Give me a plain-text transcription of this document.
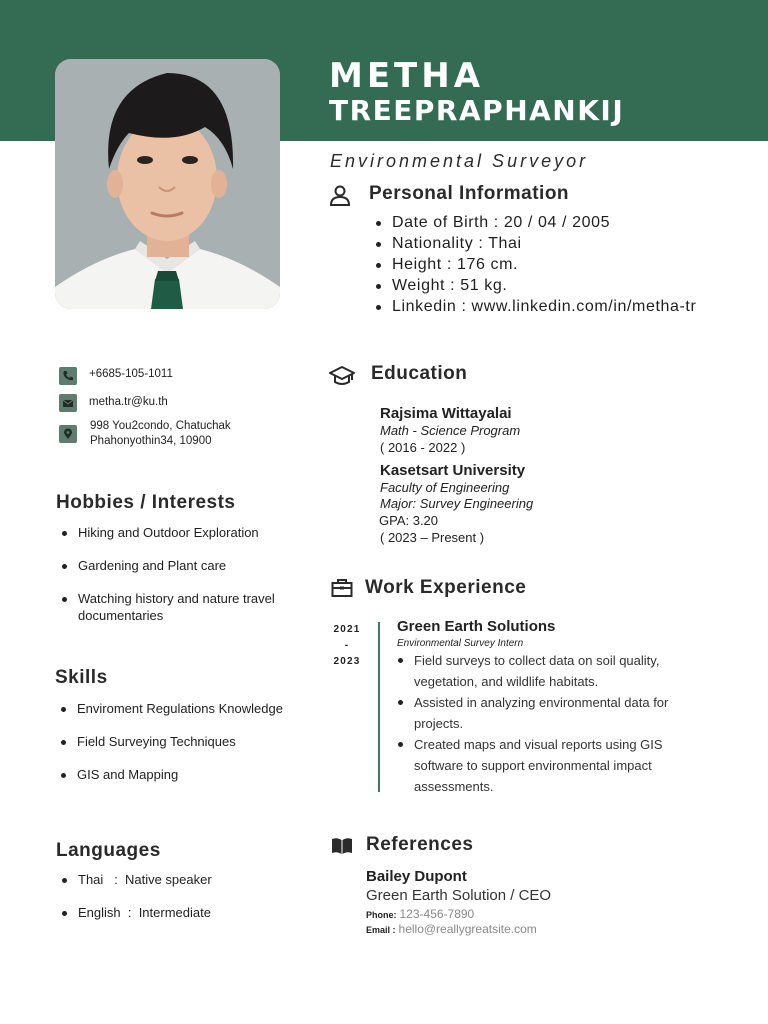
METHA
TREEPRAPHANKIJ
Environmental Surveyor
Personal Information
Date of Birth : 20 / 04 / 2005
Nationality : Thai
Height : 176 cm.
Weight : 51 kg.
Linkedin : www.linkedin.com/in/metha-tr
+6685-105-1011
metha.tr@ku.th
998 You2condo, Chatuchak
Phahonyothin34, 10900
Hobbies / Interests
Hiking and Outdoor Exploration
Gardening and Plant care
Watching history and nature travel documentaries
Skills
Enviroment Regulations Knowledge
Field Surveying Techniques
GIS and Mapping
Languages
Thai   :  Native speaker
English  :  Intermediate
Education
Rajsima Wittayalai
Math - Science Program
( 2016 - 2022 )
Kasetsart University
Faculty of Engineering
Major: Survey Engineering
GPA: 3.20
( 2023 – Present )
Work Experience
2021
-
2023
Green Earth Solutions
Environmental Survey Intern
Field surveys to collect data on soil quality, vegetation, and wildlife habitats.
Assisted in analyzing environmental data for projects.
Created maps and visual reports using GIS software to support environmental impact assessments.
References
Bailey Dupont
Green Earth Solution / CEO
Phone: 123-456-7890
Email : hello@reallygreatsite.com
